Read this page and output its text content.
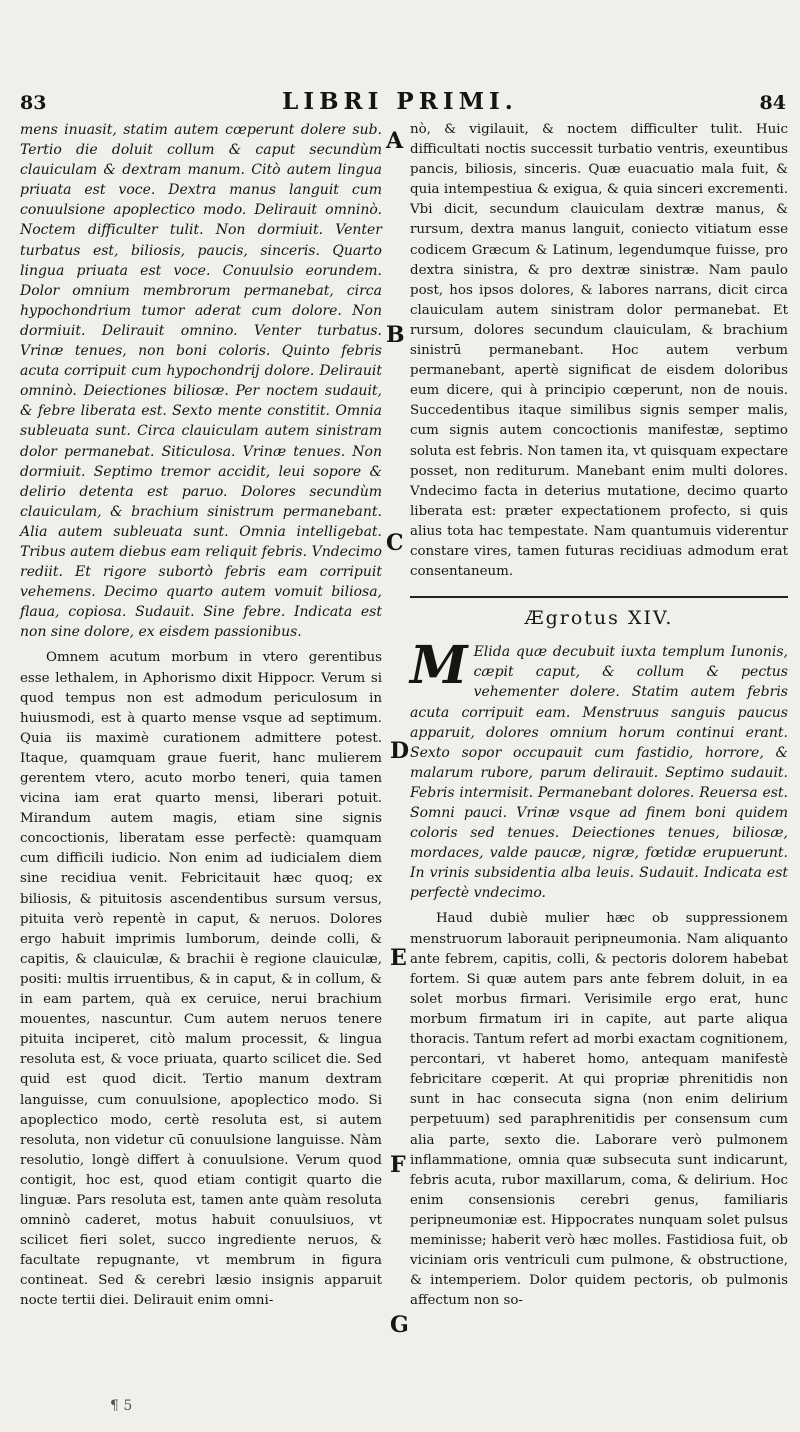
83	LIBRI PRIMI.	84

mens inuasit, statim autem cœperunt dolere sub. Tertio die doluit collum & caput secundùm clauiculam & dextram manum. Citò autem lingua priuata est voce. Dextra manus languit cum conuulsione apoplectico modo. Delirauit omninò. Noctem difficulter tulit. Non dormiuit. Venter turbatus est, biliosis, paucis, sinceris. Quarto lingua priuata est voce. Conuulsio eorundem. Dolor omnium membrorum permanebat, circa hypochondrium tumor aderat cum dolore. Non dormiuit. Delirauit omnino. Venter turbatus. Vrinæ tenues, non boni coloris. Quinto febris acuta corripuit cum hypochondrij dolore. Delirauit omninò. Deiectiones biliosæ. Per noctem sudauit, & febre liberata est. Sexto mente constitit. Omnia subleuata sunt. Circa clauiculam autem sinistram dolor permanebat. Siticulosa. Vrinæ tenues. Non dormiuit. Septimo tremor accidit, leui sopore & delirio detenta est paruo. Dolores secundùm clauiculam, & brachium sinistrum permanebant. Alia autem subleuata sunt. Omnia intelligebat. Tribus autem diebus eam reliquit febris. Vndecimo rediit. Et rigore subortò febris eam corripuit vehemens. Decimo quarto autem vomuit biliosa, flaua, copiosa. Sudauit. Sine febre. Indicata est non sine dolore, ex eisdem passionibus.

Omnem acutum morbum in vtero gerentibus esse lethalem, in Aphorismo dixit Hippocr. Verum si quod tempus non est admodum periculosum in huiusmodi, est à quarto mense vsque ad septimum. Quia iis maximè curationem admittere potest. Itaque, quamquam graue fuerit, hanc mulierem gerentem vtero, acuto morbo teneri, quia tamen vicina iam erat quarto mensi, liberari potuit. Mirandum autem magis, etiam sine signis concoctionis, liberatam esse perfectè: quamquam cum difficili iudicio. Non enim ad iudicialem diem sine recidiua venit. Febricitauit hæc quoq; ex biliosis, & pituitosis ascendentibus sursum versus, pituita verò repentè in caput, & neruos. Dolores ergo habuit imprimis lumborum, deinde colli, & capitis, & clauiculæ, & brachii è regione clauiculæ, positi: multis irruentibus, & in caput, & in collum, & in eam partem, quà ex ceruice, nerui brachium mouentes, nascuntur. Cum autem neruos tenere pituita inciperet, citò malum processit, & lingua resoluta est, & voce priuata, quarto scilicet die. Sed quid est quod dicit. Tertio manum dextram languisse, cum conuulsione, apoplectico modo. Si apoplectico modo, certè resoluta est, si autem resoluta, non videtur cū conuulsione languisse. Nàm resolutio, longè differt à conuulsione. Verum quod contigit, hoc est, quod etiam contigit quarto die linguæ. Pars resoluta est, tamen ante quàm resoluta omninò caderet, motus habuit conuulsiuos, vt scilicet fieri solet, succo ingrediente neruos, & facultate repugnante, vt membrum in figura contineat. Sed & cerebri læsio insignis apparuit nocte tertii diei. Delirauit enim omni-

A
B
C
D
E
F
G

nò, & vigilauit, & noctem difficulter tulit. Huic difficultati noctis successit turbatio ventris, exeuntibus pancis, biliosis, sinceris. Quæ euacuatio mala fuit, & quia intempestiua & exigua, & quia sinceri excrementi. Vbi dicit, secundum clauiculam dextræ manus, & rursum, dextra manus languit, coniecto vitiatum esse codicem Græcum & Latinum, legendumque fuisse, pro dextra sinistra, & pro dextræ sinistræ. Nam paulo post, hos ipsos dolores, & labores narrans, dicit circa clauiculam autem sinistram dolor permanebat. Et rursum, dolores secundum clauiculam, & brachium sinistrū permanebant. Hoc autem verbum permanebant, apertè significat de eisdem doloribus eum dicere, qui à principio cœperunt, non de nouis. Succedentibus itaque similibus signis semper malis, cum signis autem concoctionis manifestæ, septimo soluta est febris. Non tamen ita, vt quisquam expectare posset, non rediturum. Manebant enim multi dolores. Vndecimo facta in deterius mutatione, decimo quarto liberata est: præter expectationem profecto, si quis alius tota hac tempestate. Nam quantumuis viderentur constare vires, tamen futuras recidiuas admodum erat consentaneum.

Ægrotus XIV.

M Elida quæ decubuit iuxta templum Iunonis, cæpit caput, & collum & pectus vehementer dolere. Statim autem febris acuta corripuit eam. Menstruus sanguis paucus apparuit, dolores omnium horum continui erant. Sexto sopor occupauit cum fastidio, horrore, & malarum rubore, parum delirauit. Septimo sudauit. Febris intermisit. Permanebant dolores. Reuersa est. Somni pauci. Vrinæ vsque ad finem boni quidem coloris sed tenues. Deiectiones tenues, biliosæ, mordaces, valde paucæ, nigræ, fœtidæ erupuerunt. In vrinis subsidentia alba leuis. Sudauit. Indicata est perfectè vndecimo.

Haud dubiè mulier hæc ob suppressionem menstruorum laborauit peripneumonia. Nam aliquanto ante febrem, capitis, colli, & pectoris dolorem habebat fortem. Si quæ autem pars ante febrem doluit, in ea solet morbus firmari. Verisimile ergo erat, hunc morbum firmatum iri in capite, aut parte aliqua thoracis. Tantum refert ad morbi exactam cognitionem, percontari, vt haberet homo, antequam manifestè febricitare cœperit. At qui propriæ phrenitidis non sunt in hac consecuta signa (non enim delirium perpetuum) sed paraphrenitidis per consensum cum alia parte, sexto die. Laborare verò pulmonem inflammatione, omnia quæ subsecuta sunt indicarunt, febris acuta, rubor maxillarum, coma, & delirium. Hoc enim consensionis cerebri genus, familiaris peripneumoniæ est. Hippocrates nunquam solet pulsus meminisse; haberit verò hæc molles. Fastidiosa fuit, ob viciniam oris ventriculi cum pulmone, & obstructione, & intemperiem. Dolor quidem pectoris, ob pulmonis affectum non so-

¶ 5
